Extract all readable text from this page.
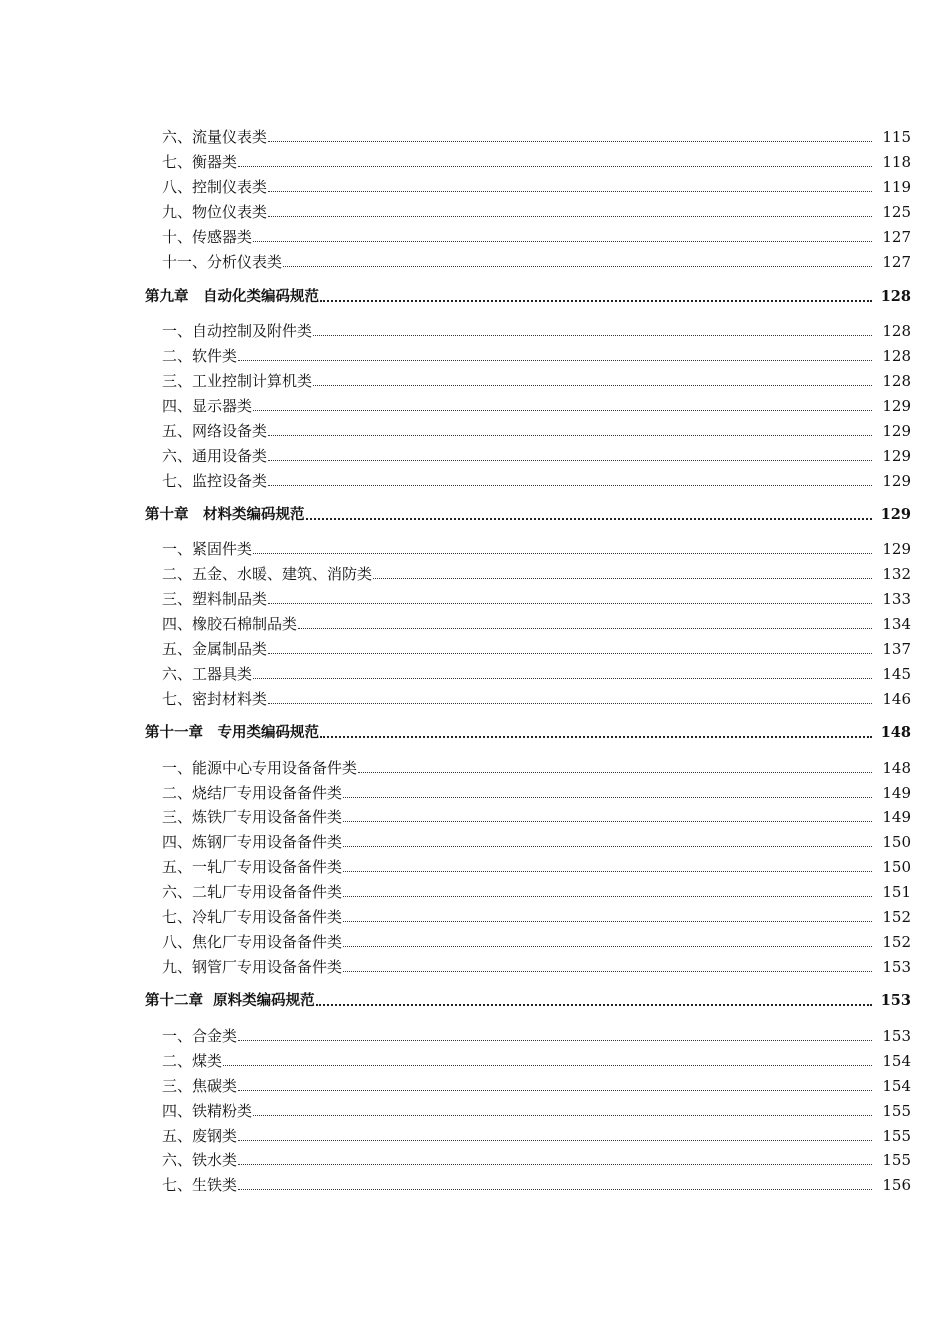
六、流量仪表类	115
七、衡器类	118
八、控制仪表类	119
九、物位仪表类	125
十、传感器类	127
十一、分析仪表类	127
第九章　自动化类编码规范	128
一、自动控制及附件类	128
二、软件类	128
三、工业控制计算机类	128
四、显示器类	129
五、网络设备类	129
六、通用设备类	129
七、监控设备类	129
第十章　材料类编码规范	129
一、紧固件类	129
二、五金、水暖、建筑、消防类	132
三、塑料制品类	133
四、橡胶石棉制品类	134
五、金属制品类	137
六、工器具类	145
七、密封材料类	146
第十一章　专用类编码规范	148
一、能源中心专用设备备件类	148
二、烧结厂专用设备备件类	149
三、炼铁厂专用设备备件类	149
四、炼钢厂专用设备备件类	150
五、一轧厂专用设备备件类	150
六、二轧厂专用设备备件类	151
七、冷轧厂专用设备备件类	152
八、焦化厂专用设备备件类	152
九、钢管厂专用设备备件类	153
第十二章  原料类编码规范	153
一、合金类	153
二、煤类	154
三、焦碳类	154
四、铁精粉类	155
五、废钢类	155
六、铁水类	155
七、生铁类	156
